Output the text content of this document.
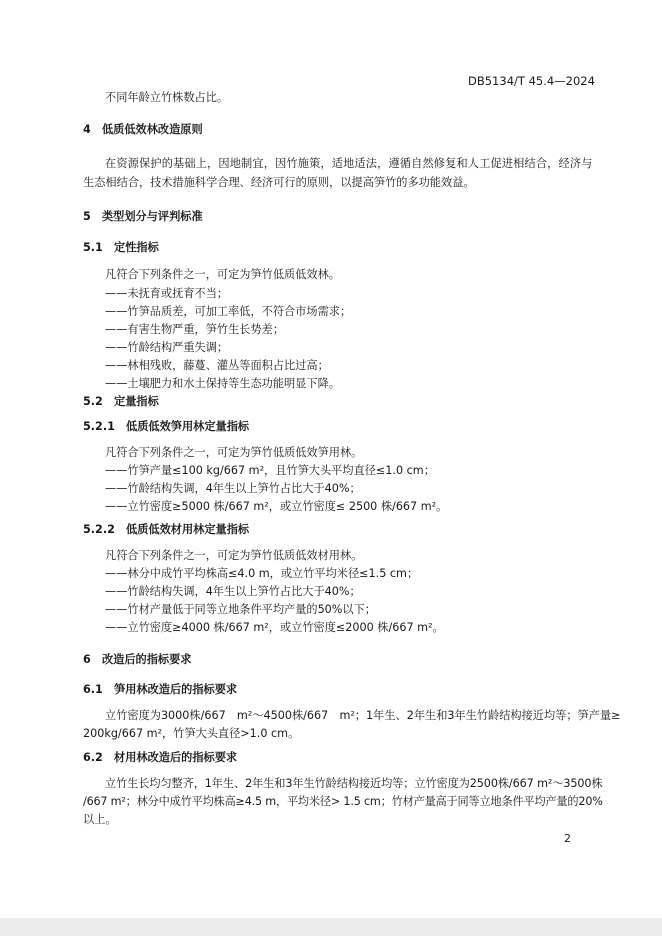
DB5134/T 45.4—2024
不同年龄立竹株数占比。
4　低质低效林改造原则
在资源保护的基础上，因地制宜，因竹施策，适地适法，遵循自然修复和人工促进相结合，经济与
生态相结合，技术措施科学合理、经济可行的原则，以提高笋竹的多功能效益。
5　类型划分与评判标准
5.1　定性指标
凡符合下列条件之一，可定为笋竹低质低效林。
——未抚育或抚育不当；
——竹笋品质差，可加工率低，不符合市场需求；
——有害生物严重，笋竹生长势差；
——竹龄结构严重失调；
——林相残败，藤蔓、灌丛等面积占比过高；
——土壤肥力和水土保持等生态功能明显下降。
5.2　定量指标
5.2.1　低质低效笋用林定量指标
凡符合下列条件之一，可定为笋竹低质低效笋用林。
——竹笋产量≤100 kg/667 m²，且竹笋大头平均直径≤1.0 cm；
——竹龄结构失调，4年生以上笋竹占比大于40%；
——立竹密度≥5000 株/667 m²，或立竹密度≤ 2500 株/667 m²。
5.2.2　低质低效材用林定量指标
凡符合下列条件之一，可定为笋竹低质低效材用林。
——林分中成竹平均株高≤4.0 m，或立竹平均米径≤1.5 cm；
——竹龄结构失调，4年生以上笋竹占比大于40%；
——竹材产量低于同等立地条件平均产量的50%以下；
——立竹密度≥4000 株/667 m²，或立竹密度≤2000 株/667 m²。
6　改造后的指标要求
6.1　笋用林改造后的指标要求
立竹密度为3000株/667　m²～4500株/667　m²；1年生、2年生和3年生竹龄结构接近均等；笋产量≥
200kg/667 m²，竹笋大头直径>1.0 cm。
6.2　材用林改造后的指标要求
立竹生长均匀整齐，1年生、2年生和3年生竹龄结构接近均等；立竹密度为2500株/667 m²～3500株
/667 m²；林分中成竹平均株高≥4.5 m，平均米径> 1.5 cm；竹材产量高于同等立地条件平均产量的20%
以上。
2
